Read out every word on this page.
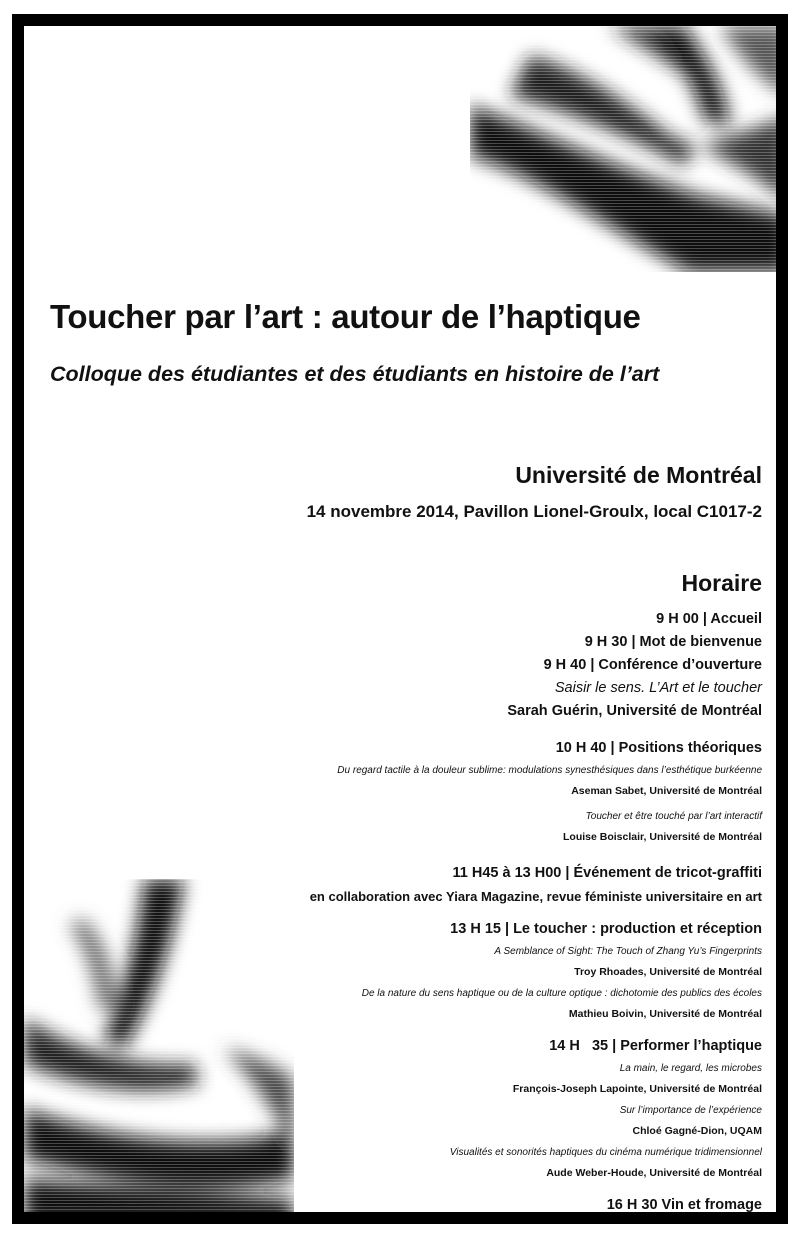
Toucher par l’art : autour de l’haptique
Colloque des étudiantes et des étudiants en histoire de l’art
Université de Montréal
14 novembre 2014, Pavillon Lionel-Groulx, local C1017-2
Horaire
9 H 00 | Accueil
9 H 30 | Mot de bienvenue
9 H 40 | Conférence d’ouverture
Saisir le sens. L’Art et le toucher
Sarah Guérin, Université de Montréal
10 H 40 | Positions théoriques
Du regard tactile à la douleur sublime: modulations synesthésiques dans l’esthétique burkéenne
Aseman Sabet, Université de Montréal
Toucher et être touché par l’art interactif
Louise Boisclair, Université de Montréal
11 H45 à 13 H00 | Événement de tricot-graffiti
en collaboration avec Yiara Magazine, revue féministe universitaire en art
13 H 15 | Le toucher : production et réception
A Semblance of Sight: The Touch of Zhang Yu’s Fingerprints
Troy Rhoades, Université de Montréal
De la nature du sens haptique ou de la culture optique : dichotomie des publics des écoles
Mathieu Boivin, Université de Montréal
14 H   35 | Performer l’haptique
La main, le regard, les microbes
François-Joseph Lapointe, Université de Montréal
Sur l’importance de l’expérience
Chloé Gagné-Dion, UQAM
Visualités et sonorités haptiques du cinéma numérique tridimensionnel
Aude Weber-Houde, Université de Montréal
16 H 30 Vin et fromage
